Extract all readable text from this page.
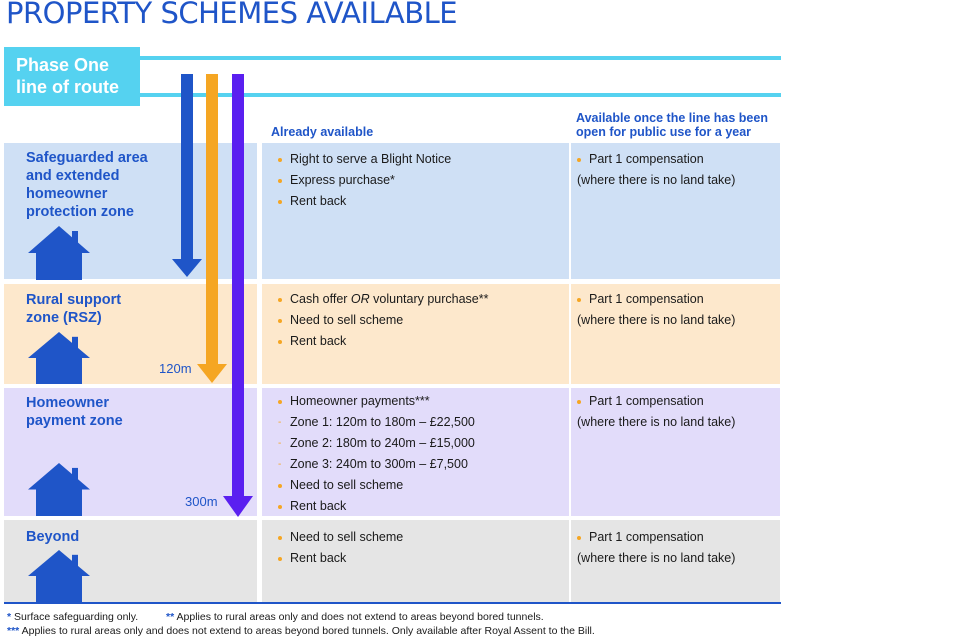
PROPERTY SCHEMES AVAILABLE
Phase One
line of route
Already available
Available once the line has been
open for public use for a year
Safeguarded area
and extended
homeowner
protection zone
Right to serve a Blight Notice
Express purchase*
Rent back
Part 1 compensation
(where there is no land take)
Rural support
zone (RSZ)
120m
Cash offer OR voluntary purchase**
Need to sell scheme
Rent back
Part 1 compensation
(where there is no land take)
Homeowner
payment zone
300m
Homeowner payments***
- Zone 1: 120m to 180m – £22,500
- Zone 2: 180m to 240m – £15,000
- Zone 3: 240m to 300m – £7,500
Need to sell scheme
Rent back
Part 1 compensation
(where there is no land take)
Beyond	Need to sell scheme
Rent back
Part 1 compensation
(where there is no land take)
* Surface safeguarding only.	** Applies to rural areas only and does not extend to areas beyond bored tunnels.
*** Applies to rural areas only and does not extend to areas beyond bored tunnels. Only available after Royal Assent to the Bill.
